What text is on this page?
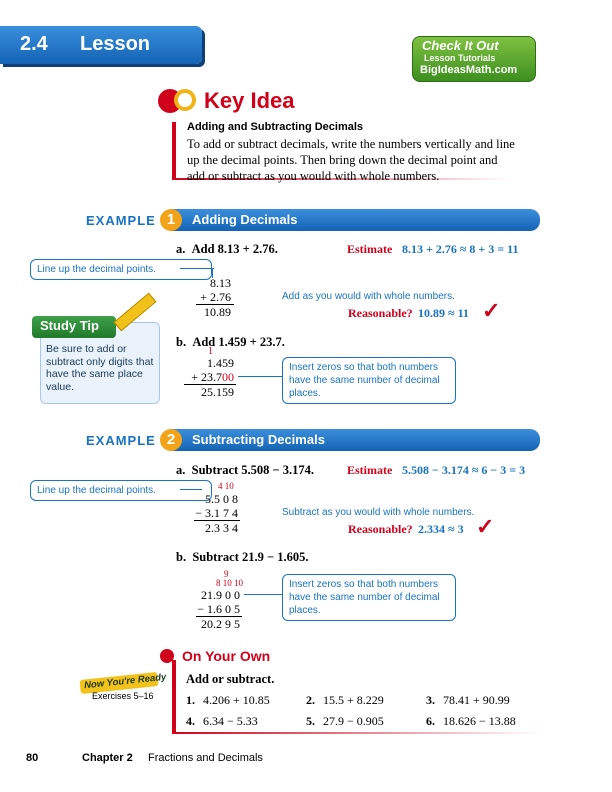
2.4 Lesson	Check It Out
Lesson Tutorials
BigIdeasMath.com
Key Idea
Adding and Subtracting Decimals
To add or subtract decimals, write the numbers vertically and line up the decimal points. Then bring down the decimal point and add or subtract as you would with whole numbers.
EXAMPLE 1	Adding Decimals
a. Add 8.13 + 2.76.	Estimate 8.13 + 2.76 ≈ 8 + 3 = 11
Line up the decimal points.
8.13
+ 2.76
10.89
Add as you would with whole numbers.
Reasonable? 10.89 ≈ 11 ✓
Study Tip
Be sure to add or subtract only digits that have the same place value.
b. Add 1.459 + 23.7.
1
1.459
+ 23.700
25.159
Insert zeros so that both numbers have the same number of decimal places.
EXAMPLE 2	Subtracting Decimals
a. Subtract 5.508 − 3.174.	Estimate 5.508 − 3.174 ≈ 6 − 3 = 3
Line up the decimal points.	4 10
5.5 0 8
− 3.1 7 4
2.3 3 4
Subtract as you would with whole numbers.
Reasonable? 2.334 ≈ 3 ✓
b. Subtract 21.9 − 1.605.
9
8 10 10
21.9 0 0
− 1.6 0 5
20.2 9 5
Insert zeros so that both numbers have the same number of decimal places.
On Your Own
Now You're Ready
Exercises 5–16
Add or subtract.
1. 4.206 + 10.85	2. 15.5 + 8.229	3. 78.41 + 90.99
4. 6.34 − 5.33	5. 27.9 − 0.905	6. 18.626 − 13.88
80	Chapter 2 Fractions and Decimals
